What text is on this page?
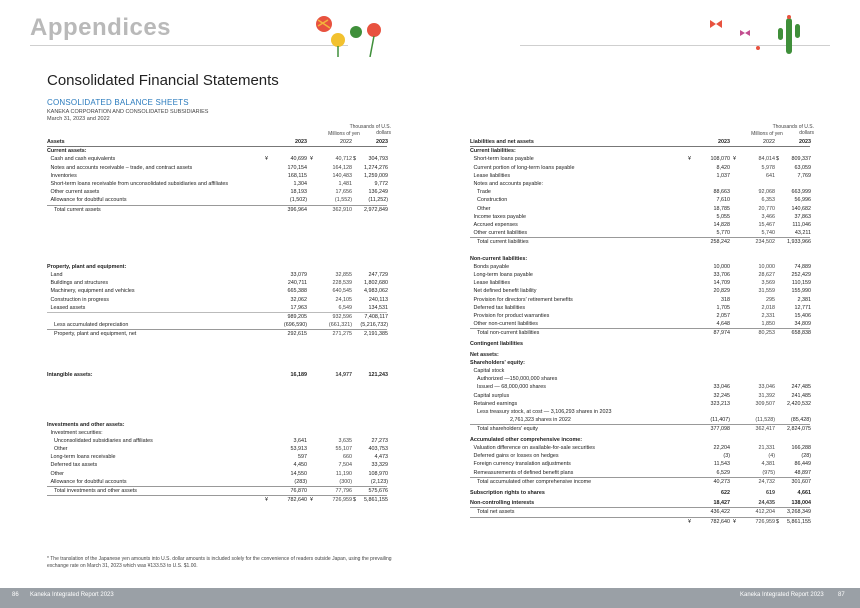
Appendices
Consolidated Financial Statements
CONSOLIDATED BALANCE SHEETS
KANEKA CORPORATION AND CONSOLIDATED SUBSIDIARIES
March 31, 2023 and 2022
Millions of yen
Thousands of U.S. dollars
Assets	2023	2022	2023
Current assets:
Cash and cash equivalents	¥	40,699 ¥	40,712 $	304,793
Notes and accounts receivable – trade, and contract assets	170,154	164,128	1,274,276
Inventories	168,115	140,483	1,259,009
Short-term loans receivable from unconsolidated subsidiaries and affiliates	1,304	1,481	9,772
Other current assets	18,193	17,656	136,249
Allowance for doubtful accounts	(1,502)	(1,552)	(11,252)
Total current assets	396,964	362,910	2,972,849
Property, plant and equipment:
Land	33,079	32,855	247,729
Buildings and structures	240,711	228,539	1,802,680
Machinery, equipment and vehicles	665,388	640,545	4,983,062
Construction in progress	32,062	24,105	240,113
Leased assets	17,963	6,549	134,531
989,205	932,596	7,408,117
Less accumulated depreciation	(696,590)	(661,321)	(5,216,732)
Property, plant and equipment, net	292,615	271,275	2,191,385
Intangible assets:	16,189	14,977	121,243
Investments and other assets:
Investment securities:
Unconsolidated subsidiaries and affiliates	3,641	3,635	27,273
Other	53,913	55,107	403,753
Long-term loans receivable	597	660	4,473
Deferred tax assets	4,450	7,504	33,329
Other	14,550	11,190	108,970
Allowance for doubtful accounts	(283)	(300)	(2,123)
Total investments and other assets	76,870	77,796	575,676
¥	782,640 ¥	726,959 $	5,861,155
Millions of yen
Thousands of U.S. dollars
Liabilities and net assets	2023	2022	2023
Current liabilities:
Short-term loans payable	¥	108,070 ¥	84,014 $	809,337
Current portion of long-term loans payable	8,420	5,978	63,059
Lease liabilities	1,037	641	7,769
Notes and accounts payable:
Trade	88,663	92,068	663,999
Construction	7,610	6,353	56,996
Other	18,785	20,770	140,682
Income taxes payable	5,055	3,466	37,863
Accrued expenses	14,828	15,467	111,046
Other current liabilities	5,770	5,740	43,211
Total current liabilities	258,242	234,502	1,933,966
Non-current liabilities:
Bonds payable	10,000	10,000	74,889
Long-term loans payable	33,706	28,627	252,429
Lease liabilities	14,709	3,569	110,159
Net defined benefit liability	20,829	31,559	155,990
Provision for directors' retirement benefits	318	295	2,381
Deferred tax liabilities	1,705	2,018	12,771
Provision for product warranties	2,057	2,331	15,406
Other non-current liabilities	4,648	1,850	34,809
Total non-current liabilities	87,974	80,253	658,838
Contingent liabilities
Net assets:
Shareholders' equity:
Capital stock
Authorized —150,000,000 shares
Issued — 68,000,000 shares	33,046	33,046	247,485
Capital surplus	32,245	31,392	241,485
Retained earnings	323,213	309,507	2,420,532
Less treasury stock, at cost — 3,106,293 shares in 2023
2,761,323 shares in 2022	(11,407)	(11,528)	(85,428)
Total shareholders' equity	377,098	362,417	2,824,075
Accumulated other comprehensive income:
Valuation difference on available-for-sale securities	22,204	21,331	166,288
Deferred gains or losses on hedges	(3)	(4)	(28)
Foreign currency translation adjustments	11,543	4,381	86,449
Remeasurements of defined benefit plans	6,529	(975)	48,897
Total accumulated other comprehensive income	40,273	24,732	301,607
Subscription rights to shares	622	619	4,661
Non-controlling interests	18,427	24,435	138,004
Total net assets	436,422	412,204	3,268,349
¥	782,640 ¥	726,959 $	5,861,155
* The translation of the Japanese yen amounts into U.S. dollar amounts is included solely for the convenience of readers outside Japan, using the prevailing exchange rate on March 31, 2023 which was ¥133.53 to U.S. $1.00.
86 Kaneka Integrated Report 2023	Kaneka Integrated Report 2023 87
